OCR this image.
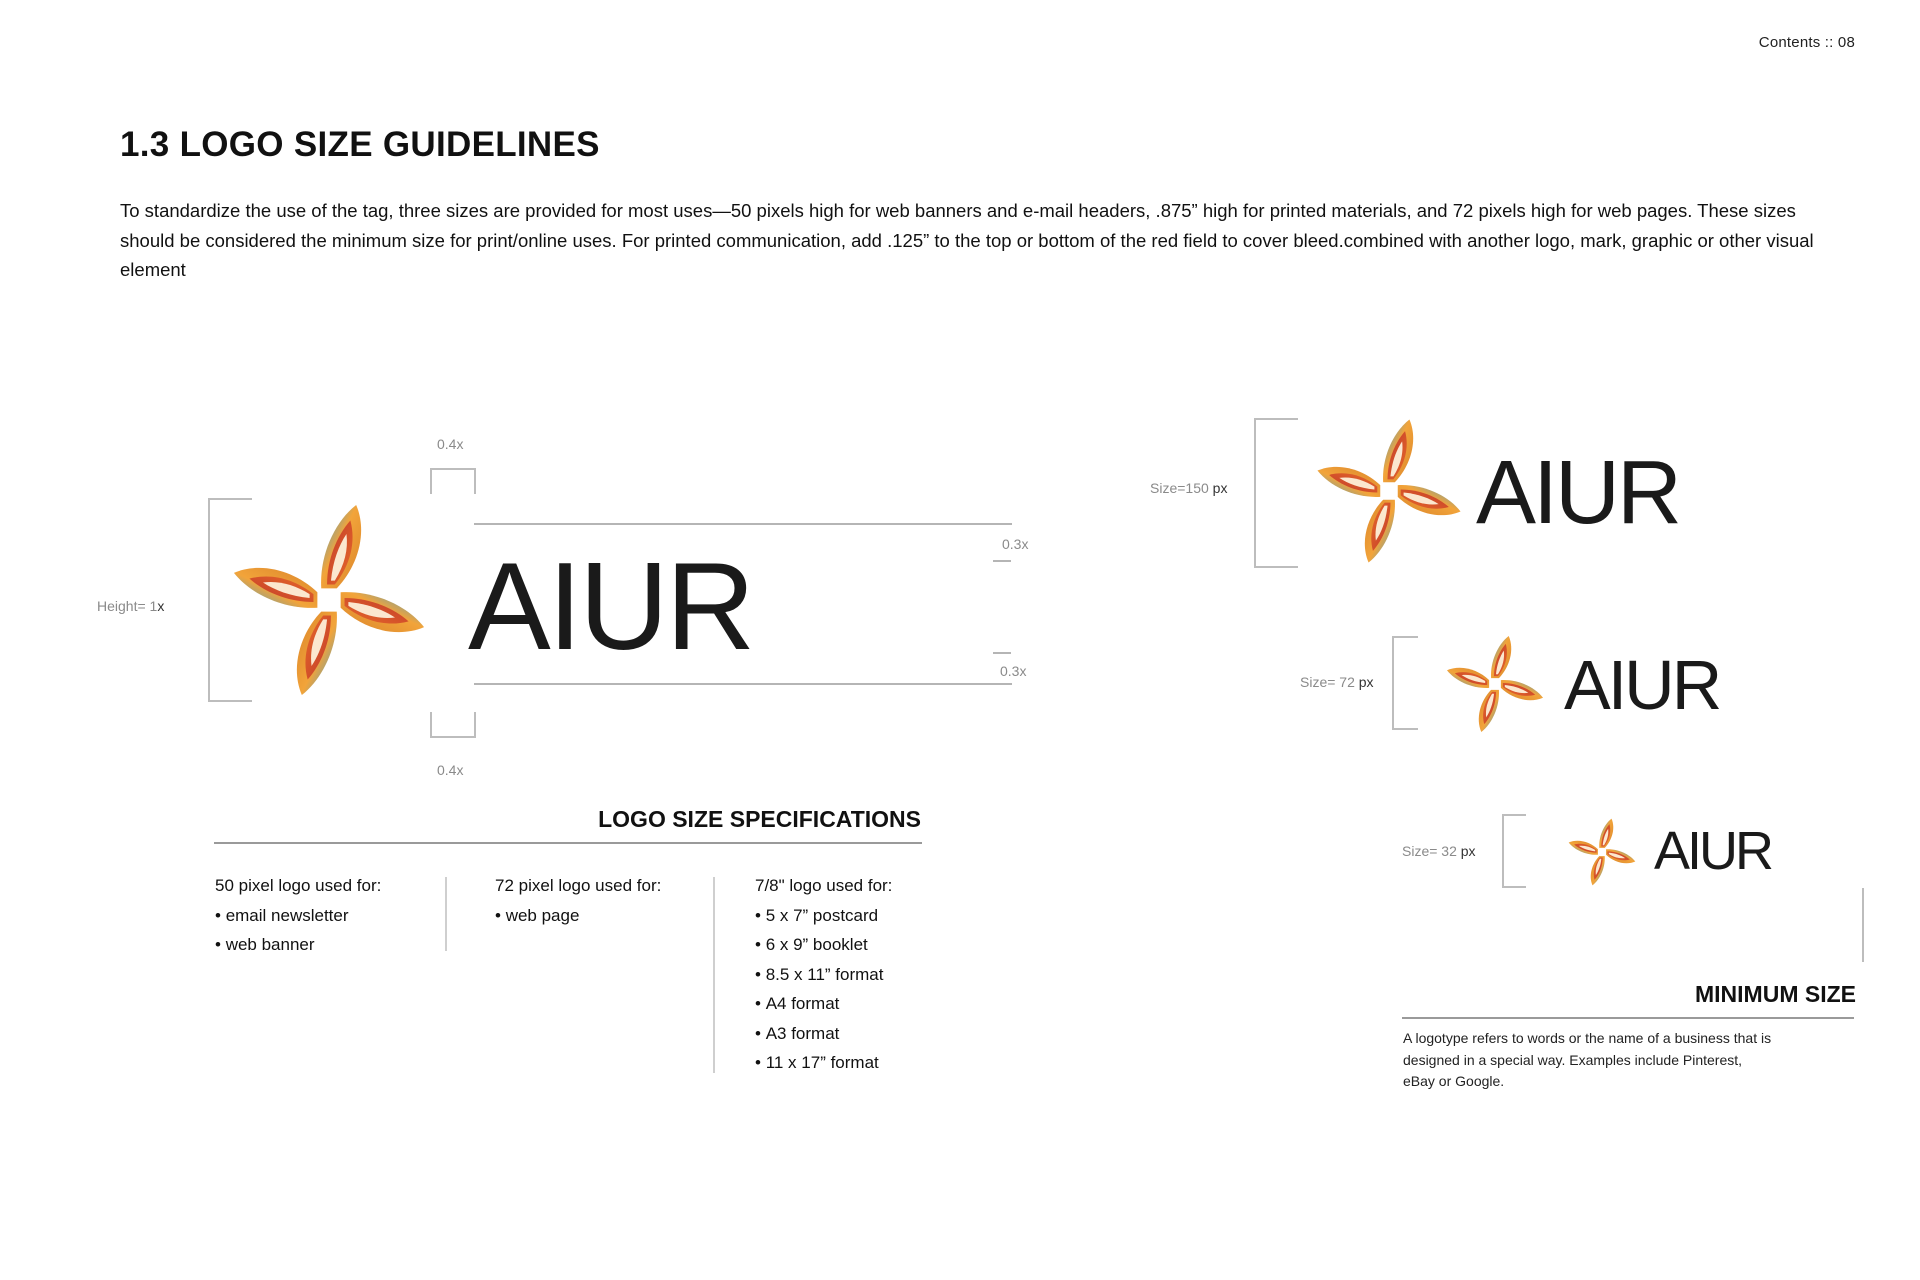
Contents :: 08
1.3 LOGO SIZE GUIDELINES

To standardize the use of the tag, three sizes are provided for most uses—50 pixels high for web banners and e-mail headers, .875” high for printed materials, and 72 pixels high for web pages. These sizes should be considered the minimum size for print/online uses. For printed communication, add .125” to the top or bottom of the red field to cover bleed.combined with another logo, mark, graphic or other visual element

Height= 1x
0.4x
AIUR	0.3x
0.3x
0.4x
Size=150 px	AIUR
Size= 72 px	AIUR
Size= 32 px	AIUR
LOGO SIZE SPECIFICATIONS
50 pixel logo used for:
• email newsletter
• web banner
72 pixel logo used for:
• web page
7/8" logo used for:
• 5 x 7” postcard
• 6 x 9” booklet
• 8.5 x 11” format
• A4 format
• A3 format
• 11 x 17” format
MINIMUM SIZE
A logotype refers to words or the name of a business that is designed in a special way. Examples include Pinterest, eBay or Google.
